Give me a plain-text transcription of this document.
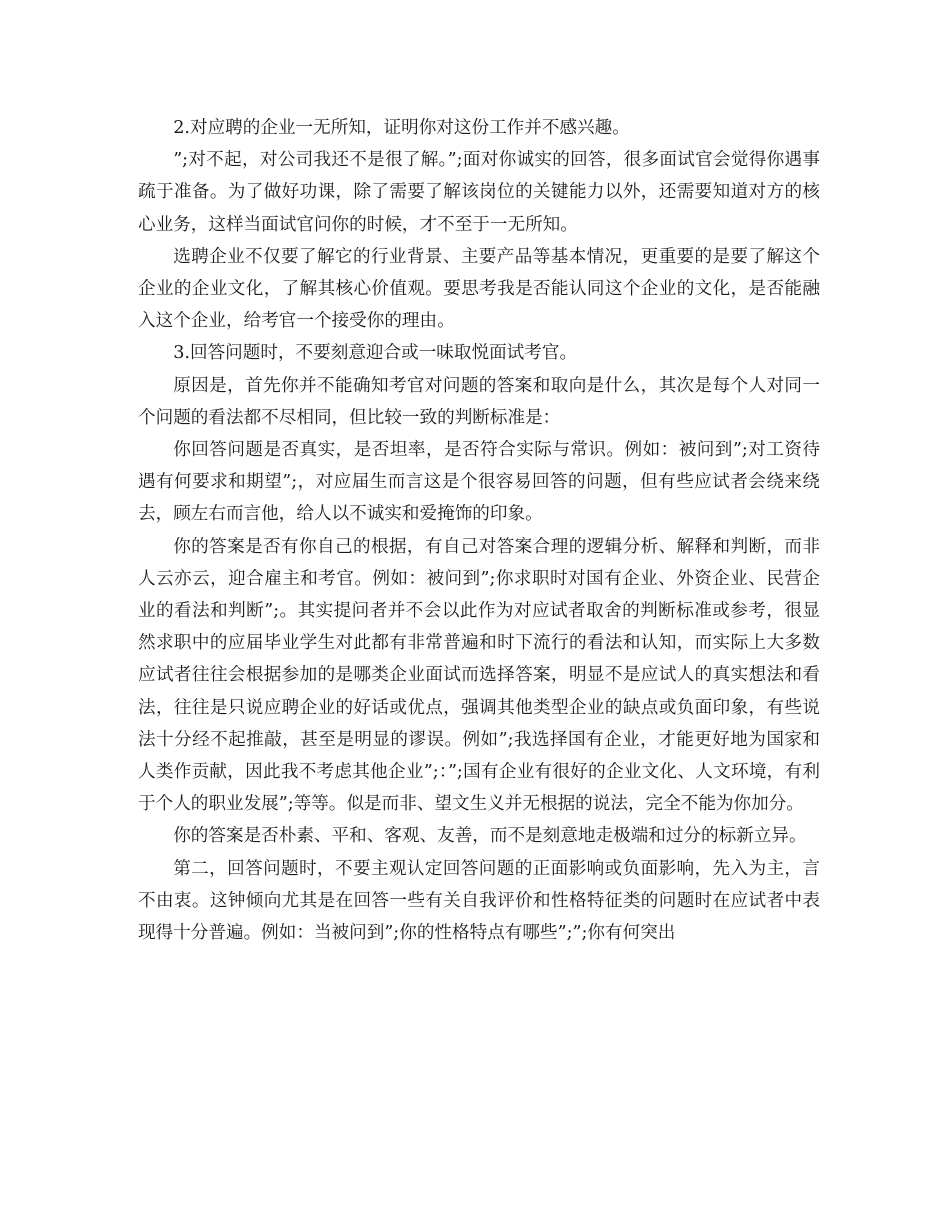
2.对应聘的企业一无所知，证明你对这份工作并不感兴趣。

”;对不起，对公司我还不是很了解。”;面对你诚实的回答，很多面试官会觉得你遇事疏于准备。为了做好功课，除了需要了解该岗位的关键能力以外，还需要知道对方的核心业务，这样当面试官问你的时候，才不至于一无所知。

选聘企业不仅要了解它的行业背景、主要产品等基本情况，更重要的是要了解这个企业的企业文化，了解其核心价值观。要思考我是否能认同这个企业的文化，是否能融入这个企业，给考官一个接受你的理由。

3.回答问题时，不要刻意迎合或一味取悦面试考官。

原因是，首先你并不能确知考官对问题的答案和取向是什么，其次是每个人对同一个问题的看法都不尽相同，但比较一致的判断标准是：

你回答问题是否真实，是否坦率，是否符合实际与常识。例如：被问到”;对工资待遇有何要求和期望”;，对应届生而言这是个很容易回答的问题，但有些应试者会绕来绕去，顾左右而言他，给人以不诚实和爱掩饰的印象。

你的答案是否有你自己的根据，有自己对答案合理的逻辑分析、解释和判断，而非人云亦云，迎合雇主和考官。例如：被问到”;你求职时对国有企业、外资企业、民营企业的看法和判断”;。其实提问者并不会以此作为对应试者取舍的判断标准或参考，很显然求职中的应届毕业学生对此都有非常普遍和时下流行的看法和认知，而实际上大多数应试者往往会根据参加的是哪类企业面试而选择答案，明显不是应试人的真实想法和看法，往往是只说应聘企业的好话或优点，强调其他类型企业的缺点或负面印象，有些说法十分经不起推敲，甚至是明显的谬误。例如”;我选择国有企业，才能更好地为国家和人类作贡献，因此我不考虑其他企业”;：”;国有企业有很好的企业文化、人文环境，有利于个人的职业发展”;等等。似是而非、望文生义并无根据的说法，完全不能为你加分。

你的答案是否朴素、平和、客观、友善，而不是刻意地走极端和过分的标新立异。

第二，回答问题时，不要主观认定回答问题的正面影响或负面影响，先入为主，言不由衷。这钟倾向尤其是在回答一些有关自我评价和性格特征类的问题时在应试者中表现得十分普遍。例如：当被问到”;你的性格特点有哪些”;”;你有何突出
